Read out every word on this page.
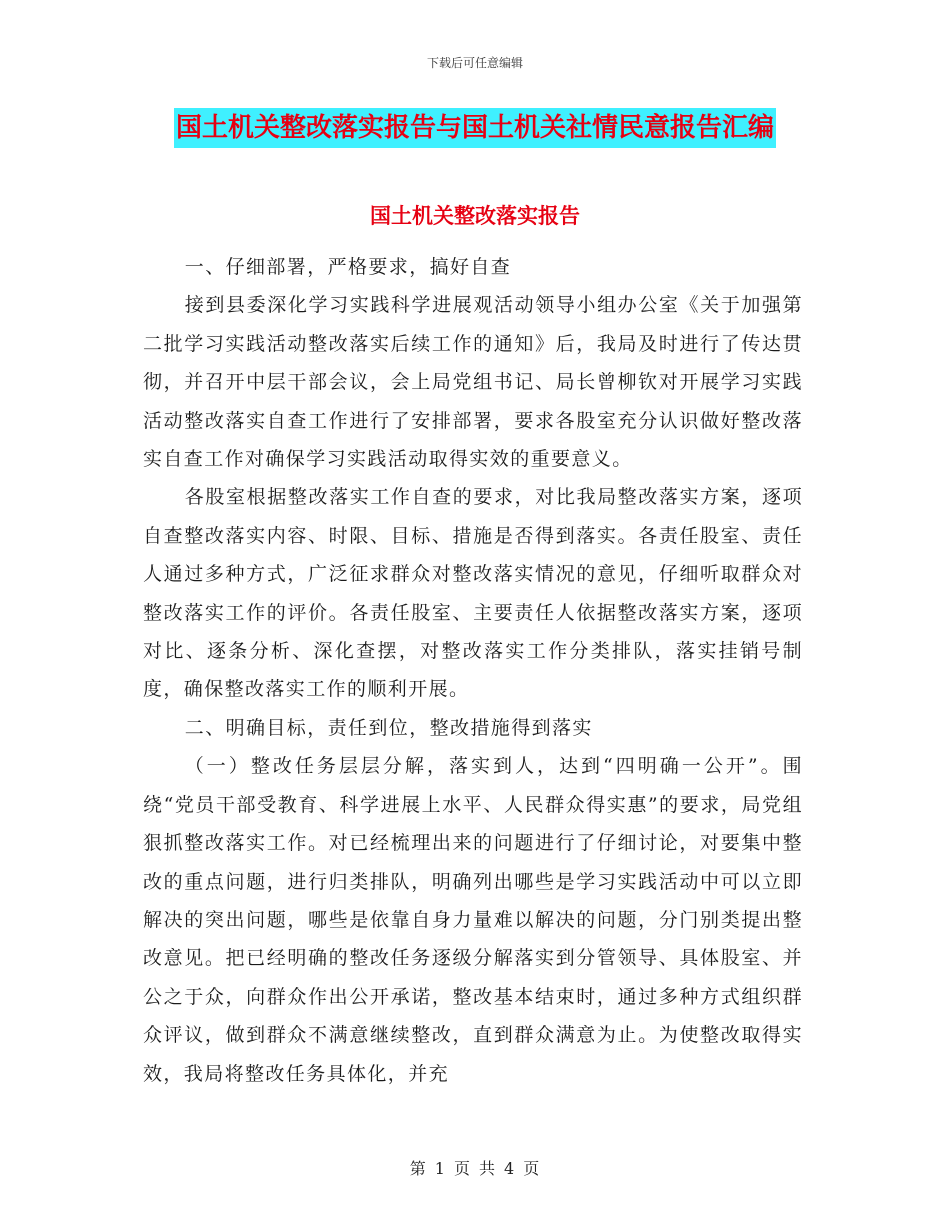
下载后可任意编辑
国土机关整改落实报告与国土机关社情民意报告汇编
国土机关整改落实报告

一、仔细部署，严格要求，搞好自查

接到县委深化学习实践科学进展观活动领导小组办公室《关于加强第二批学习实践活动整改落实后续工作的通知》后，我局及时进行了传达贯彻，并召开中层干部会议，会上局党组书记、局长曾柳钦对开展学习实践活动整改落实自查工作进行了安排部署，要求各股室充分认识做好整改落实自查工作对确保学习实践活动取得实效的重要意义。

各股室根据整改落实工作自查的要求，对比我局整改落实方案，逐项自查整改落实内容、时限、目标、措施是否得到落实。各责任股室、责任人通过多种方式，广泛征求群众对整改落实情况的意见，仔细听取群众对整改落实工作的评价。各责任股室、主要责任人依据整改落实方案，逐项对比、逐条分析、深化查摆，对整改落实工作分类排队，落实挂销号制度，确保整改落实工作的顺利开展。

二、明确目标，责任到位，整改措施得到落实

（一）整改任务层层分解，落实到人，达到“四明确一公开”。围绕“党员干部受教育、科学进展上水平、人民群众得实惠”的要求，局党组狠抓整改落实工作。对已经梳理出来的问题进行了仔细讨论，对要集中整改的重点问题，进行归类排队，明确列出哪些是学习实践活动中可以立即解决的突出问题，哪些是依靠自身力量难以解决的问题，分门别类提出整改意见。把已经明确的整改任务逐级分解落实到分管领导、具体股室、并公之于众，向群众作出公开承诺，整改基本结束时，通过多种方式组织群众评议，做到群众不满意继续整改，直到群众满意为止。为使整改取得实效，我局将整改任务具体化，并充

第 1 页 共 4 页
